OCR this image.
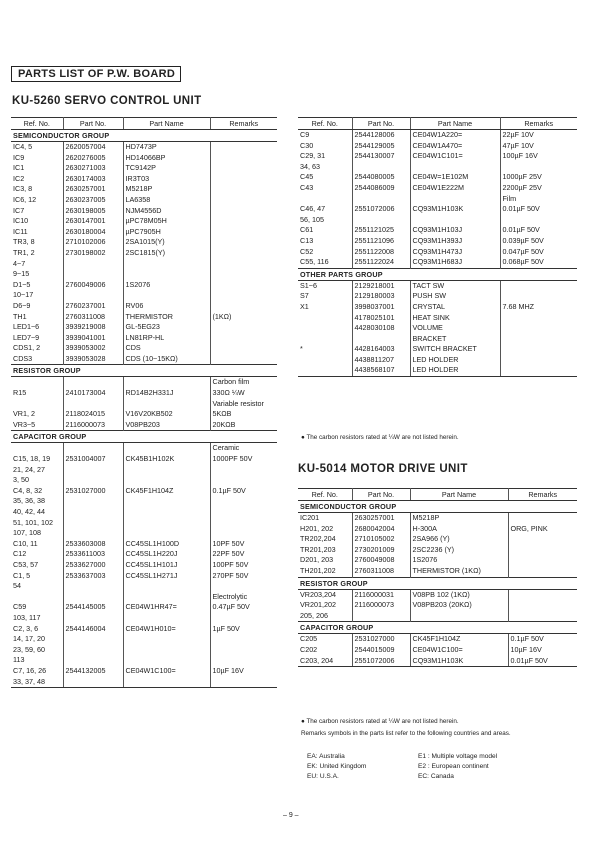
PARTS LIST OF P.W. BOARD
KU-5260 SERVO CONTROL UNIT
Ref. No.	Part No.	Part Name	Remarks
SEMICONDUCTOR GROUP			
IC4, 5	2620057004	HD7473P	
IC9	2620276005	HD14066BP	
IC1	2630271003	TC9142P	
IC2	2630174003	IR3T03	
IC3, 8	2630257001	M5218P	
IC6, 12	2630237005	LA6358	
IC7	2630198005	NJM4556D	
IC10	2630147001	µPC78M05H	
IC11	2630180004	µPC7905H	
TR3, 8	2710102006	2SA1015(Y)	
TR1, 2	2730198002	2SC1815(Y)	
4~7			
9~15			
D1~5	2760049006	1S2076	
10~17			
D6~9	2760237001	RV06	
TH1	2760311008	THERMISTOR	(1KΩ)
LED1~6	3939219008	GL-5EG23	
LED7~9	3939041001	LN81RP-HL	
CDS1, 2	3939053002	CDS	
CDS3	3939053028	CDS (10~15KΩ)	
RESISTOR GROUP			
			Carbon film
R15	2410173004	RD14B2H331J	330Ω ¼W
			Variable resistor
VR1, 2	2118024015	V16V20KB502	5KΩB
VR3~5	2116000073	V08PB203	20KΩB
CAPACITOR GROUP			
			Ceramic
C15, 18, 19	2531004007	CK45B1H102K	1000PF 50V
21, 24, 27			
3, 50			
C4, 8, 32	2531027000	CK45F1H104Z	0.1µF 50V
35, 36, 38			
40, 42, 44			
51, 101, 102			
107, 108			
C10, 11	2533603008	CC45SL1H100D	10PF 50V
C12	2533611003	CC45SL1H220J	22PF 50V
C53, 57	2533627000	CC45SL1H101J	100PF 50V
C1, 5	2533637003	CC45SL1H271J	270PF 50V
54			
			Electrolytic
C59	2544145005	CE04W1HR47=	0.47µF 50V
103, 117			
C2, 3, 6	2544146004	CE04W1H010=	1µF 50V
14, 17, 20			
23, 59, 60			
113			
C7, 16, 26	2544132005	CE04W1C100=	10µF 16V
33, 37, 48			
Ref. No.	Part No.	Part Name	Remarks
C9	2544128006	CE04W1A220=	22µF 10V
C30	2544129005	CE04W1A470=	47µF 10V
C29, 31	2544130007	CE04W1C101=	100µF 16V
34, 63			
C45	2544080005	CE04W=1E102M	1000µF 25V
C43	2544086009	CE04W1E222M	2200µF 25V
			Film
C46, 47	2551072006	CQ93M1H103K	0.01µF 50V
56, 105			
C61	2551121025	CQ93M1H103J	0.01µF 50V
C13	2551121096	CQ93M1H393J	0.039µF 50V
C52	2551122008	CQ93M1H473J	0.047µF 50V
C55, 116	2551122024	CQ93M1H683J	0.068µF 50V
OTHER PARTS GROUP			
S1~6	2129218001	TACT SW	
S7	2129180003	PUSH SW	
X1	3998037001	CRYSTAL	7.68 MHZ
	4178025101	HEAT SINK	
	4428030108	VOLUME	
		BRACKET	
*	4428164003	SWITCH BRACKET	
	4438811207	LED HOLDER	
	4438568107	LED HOLDER	
● The carbon resistors rated at ¼W are not listed herein.
KU-5014 MOTOR DRIVE UNIT
Ref. No.	Part No.	Part Name	Remarks
SEMICONDUCTOR GROUP			
IC201	2630257001	M5218P	
H201, 202	2680042004	H-300A	ORG, PINK
TR202,204	2710105002	2SA966 (Y)	
TR201,203	2730201009	2SC2236 (Y)	
D201, 203	2760049008	1S2076	
TH201,202	2760311008	THERMISTOR (1KΩ)	
RESISTOR GROUP			
VR203,204	2116000031	V08PB 102 (1KΩ)	
VR201,202	2116000073	V08PB203 (20KΩ)	
205, 206			
CAPACITOR GROUP			
C205	2531027000	CK45F1H104Z	0.1µF 50V
C202	2544015009	CE04W1C100=	10µF 16V
C203, 204	2551072006	CQ93M1H103K	0.01µF 50V
● The carbon resistors rated at ¼W are not listed herein.
Remarks symbols in the parts list refer to the following countries and areas.
EA: Australia	E1 : Multiple voltage model
EK: United Kingdom	E2 : European continent
EU: U.S.A.	EC: Canada
– 9 –
